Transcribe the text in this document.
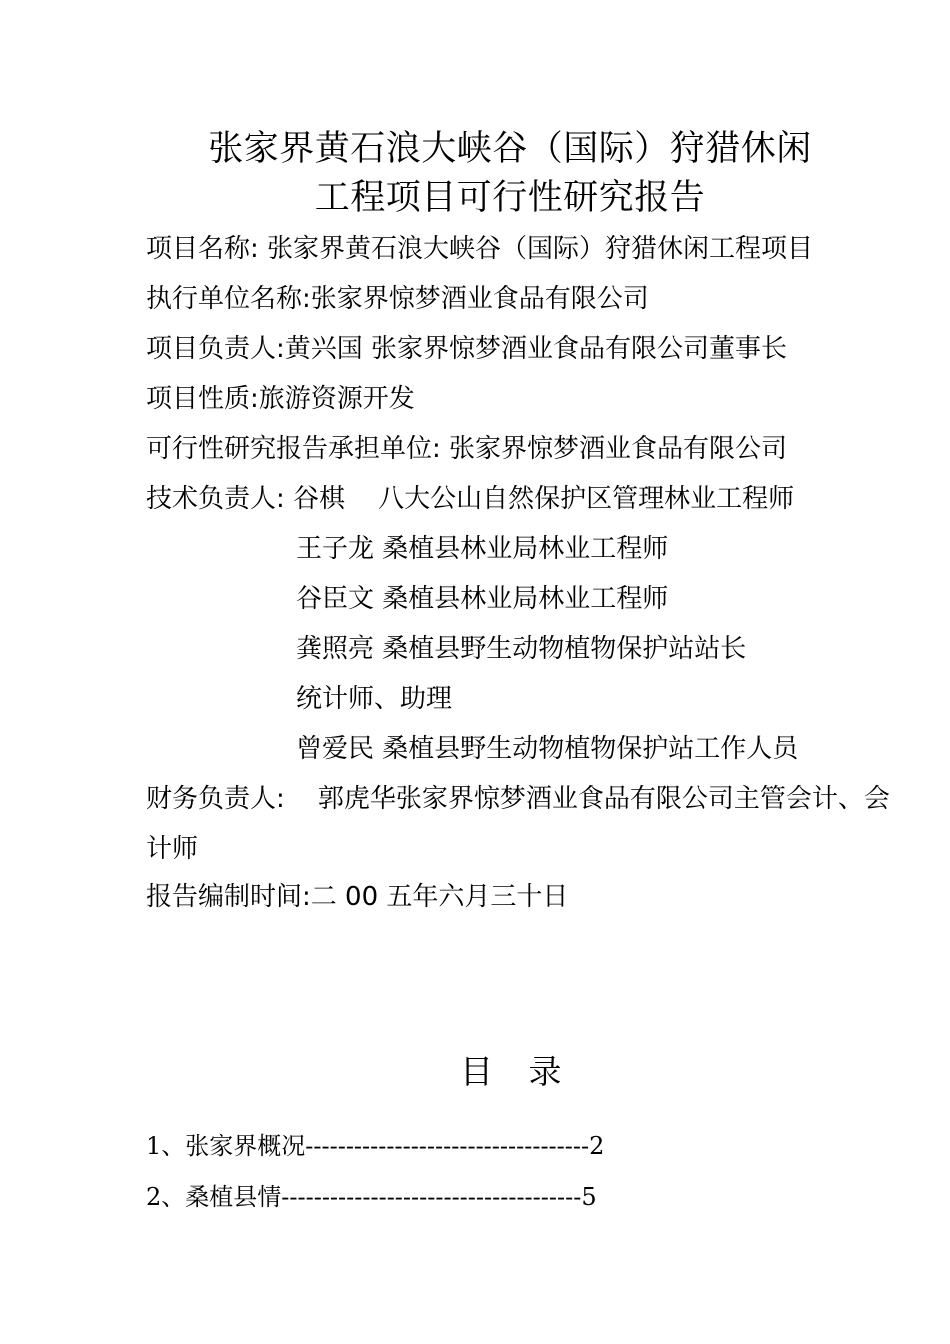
张家界黄石浪大峡谷（国际）狩猎休闲
工程项目可行性研究报告
项目名称: 张家界黄石浪大峡谷（国际）狩猎休闲工程项目
执行单位名称:张家界惊梦酒业食品有限公司
项目负责人:黄兴国 张家界惊梦酒业食品有限公司董事长
项目性质:旅游资源开发
可行性研究报告承担单位: 张家界惊梦酒业食品有限公司
技术负责人: 谷棋    八大公山自然保护区管理林业工程师
王子龙 桑植县林业局林业工程师
谷臣文 桑植县林业局林业工程师
龚照亮 桑植县野生动物植物保护站站长
统计师、助理
曾爱民 桑植县野生动物植物保护站工作人员
财务负责人:    郭虎华张家界惊梦酒业食品有限公司主管会计、会
计师
报告编制时间:二 00 五年六月三十日
目   录
1、张家界概况-----------------------------------2
2、桑植县情-------------------------------------5
